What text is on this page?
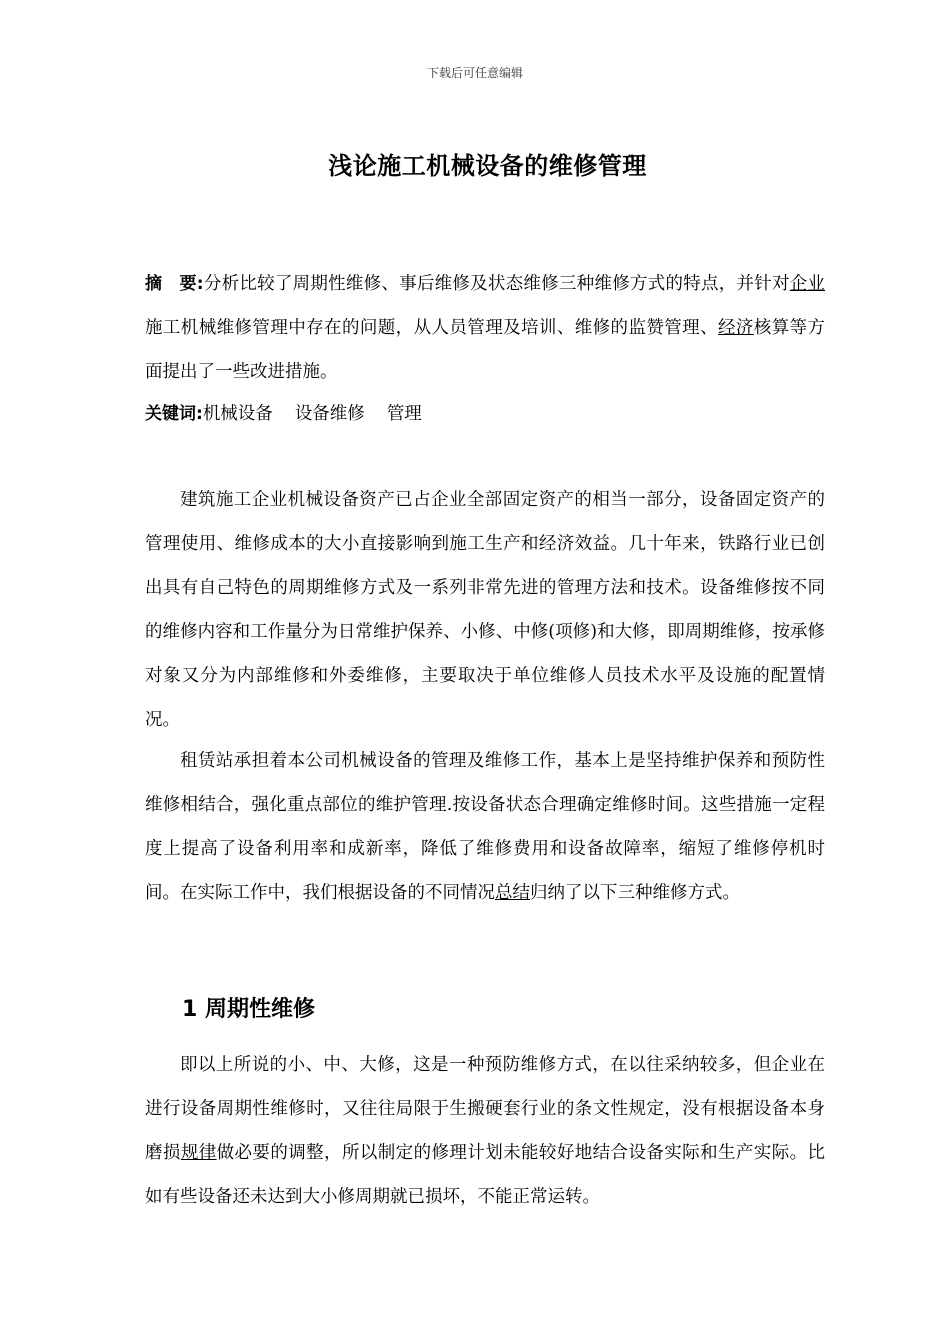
下载后可任意编辑
浅论施工机械设备的维修管理

摘　要:分析比较了周期性维修、事后维修及状态维修三种维修方式的特点，并针对企业施工机械维修管理中存在的问题，从人员管理及培训、维修的监赞管理、经济核算等方面提出了一些改进措施。

关键词:机械设备 设备维修 管理

建筑施工企业机械设备资产已占企业全部固定资产的相当一部分，设备固定资产的管理使用、维修成本的大小直接影响到施工生产和经济效益。几十年来，铁路行业已创出具有自己特色的周期维修方式及一系列非常先进的管理方法和技术。设备维修按不同的维修内容和工作量分为日常维护保养、小修、中修(项修)和大修，即周期维修，按承修对象又分为内部维修和外委维修，主要取决于单位维修人员技术水平及设施的配置情况。

租赁站承担着本公司机械设备的管理及维修工作，基本上是坚持维护保养和预防性维修相结合，强化重点部位的维护管理.按设备状态合理确定维修时间。这些措施一定程度上提高了设备利用率和成新率，降低了维修费用和设备故障率，缩短了维修停机时间。在实际工作中，我们根据设备的不同情况总结归纳了以下三种维修方式。

1 周期性维修

即以上所说的小、中、大修，这是一种预防维修方式，在以往采纳较多，但企业在进行设备周期性维修时，又往往局限于生搬硬套行业的条文性规定，没有根据设备本身磨损规律做必要的调整，所以制定的修理计划未能较好地结合设备实际和生产实际。比如有些设备还未达到大小修周期就已损坏，不能正常运转。
